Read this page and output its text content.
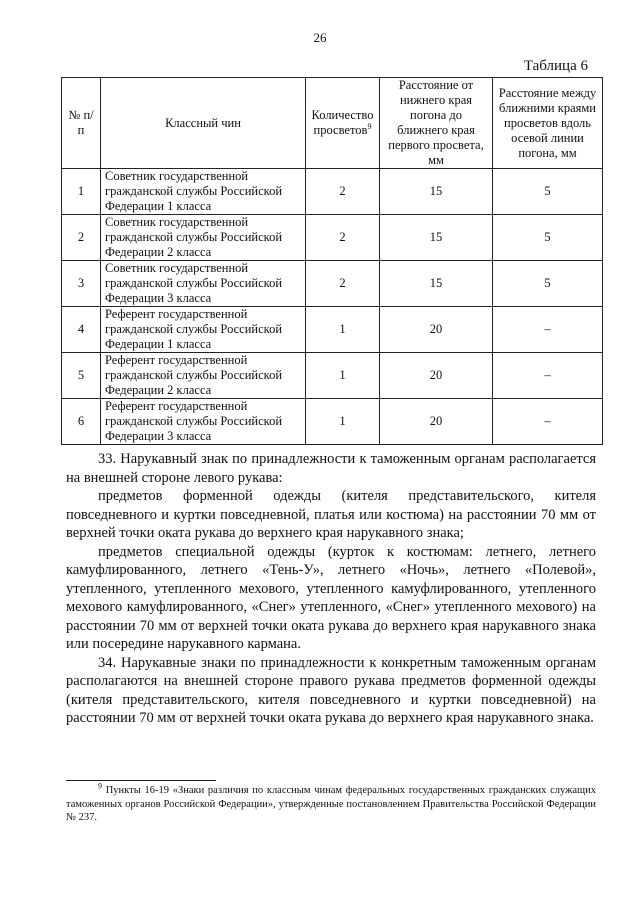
26
Таблица 6
№ п/п	Классный чин	Количество просветов$^9$	Расстояние от нижнего края погона до ближнего края первого просвета, мм	Расстояние между ближними краями просветов вдоль осевой линии погона, мм
1	Советник государственной гражданской службы Российской Федерации 1 класса	2	15	5
2	Советник государственной гражданской службы Российской Федерации 2 класса	2	15	5
3	Советник государственной гражданской службы Российской Федерации 3 класса	2	15	5
4	Референт государственной гражданской службы Российской Федерации 1 класса	1	20	–
5	Референт государственной гражданской службы Российской Федерации 2 класса	1	20	–
6	Референт государственной гражданской службы Российской Федерации 3 класса	1	20	–

33. Нарукавный знак по принадлежности к таможенным органам располагается на внешней стороне левого рукава:

предметов форменной одежды (кителя представительского, кителя повседневного и куртки повседневной, платья или костюма) на расстоянии 70 мм от верхней точки оката рукава до верхнего края нарукавного знака;

предметов специальной одежды (курток к костюмам: летнего, летнего камуфлированного, летнего «Тень-У», летнего «Ночь», летнего «Полевой», утепленного, утепленного мехового, утепленного камуфлированного, утепленного мехового камуфлированного, «Снег» утепленного, «Снег» утепленного мехового) на расстоянии 70 мм от верхней точки оката рукава до верхнего края нарукавного знака или посередине нарукавного кармана.

34. Нарукавные знаки по принадлежности к конкретным таможенным органам располагаются на внешней стороне правого рукава предметов форменной одежды (кителя представительского, кителя повседневного и куртки повседневной) на расстоянии 70 мм от верхней точки оката рукава до верхнего края нарукавного знака.

$^9$ Пункты 16-19 «Знаки различия по классным чинам федеральных государственных гражданских служащих таможенных органов Российской Федерации», утвержденные постановлением Правительства Российской Федерации № 237.
